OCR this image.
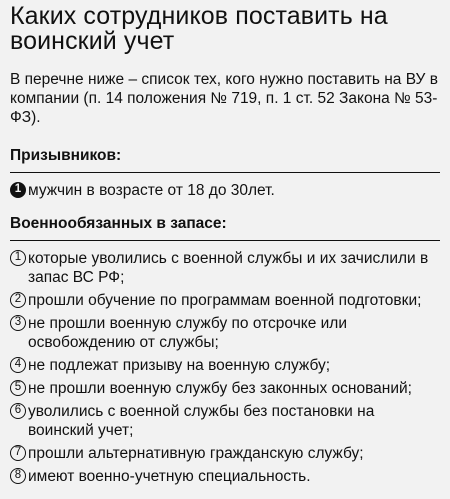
Каких сотрудников поставить на воинский учет
В перечне ниже – список тех, кого нужно поставить на ВУ в компании (п. 14 положения № 719, п. 1 ст. 52 Закона № 53-ФЗ).
Призывников:
1 мужчин в возрасте от 18 до 30лет.
Военнообязанных в запасе:
1 которые уволились с военной службы и их зачислили в запас ВС РФ;
2 прошли обучение по программам военной подготовки;
3 не прошли военную службу по отсрочке или освобождению от службы;
4 не подлежат призыву на военную службу;
5 не прошли военную службу без законных оснований;
6 уволились с военной службы без постановки на воинский учет;
7 прошли альтернативную гражданскую службу;
8 имеют военно-учетную специальность.
